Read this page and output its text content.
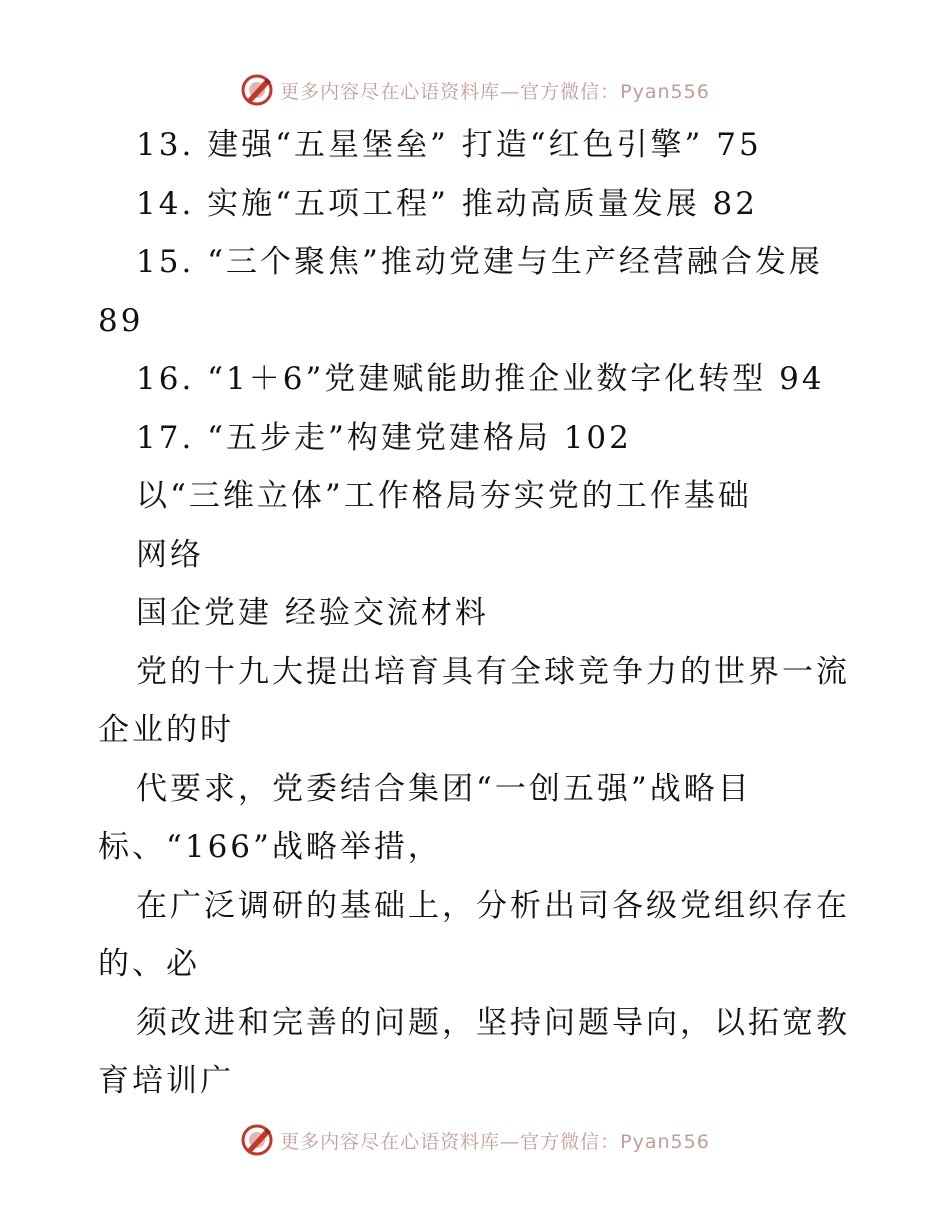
更多内容尽在心语资料库—官方微信：Pyan556
13. 建强“五星堡垒” 打造“红色引擎” 75
14. 实施“五项工程” 推动高质量发展 82
15. “三个聚焦”推动党建与生产经营融合发展
89
16. “1＋6”党建赋能助推企业数字化转型 94
17. “五步走”构建党建格局 102
以“三维立体”工作格局夯实党的工作基础
网络
国企党建 经验交流材料
党的十九大提出培育具有全球竞争力的世界一流
企业的时
代要求，党委结合集团“一创五强”战略目
标、“166”战略举措，
在广泛调研的基础上，分析出司各级党组织存在
的、必
须改进和完善的问题，坚持问题导向，以拓宽教
育培训广
更多内容尽在心语资料库—官方微信：Pyan556
